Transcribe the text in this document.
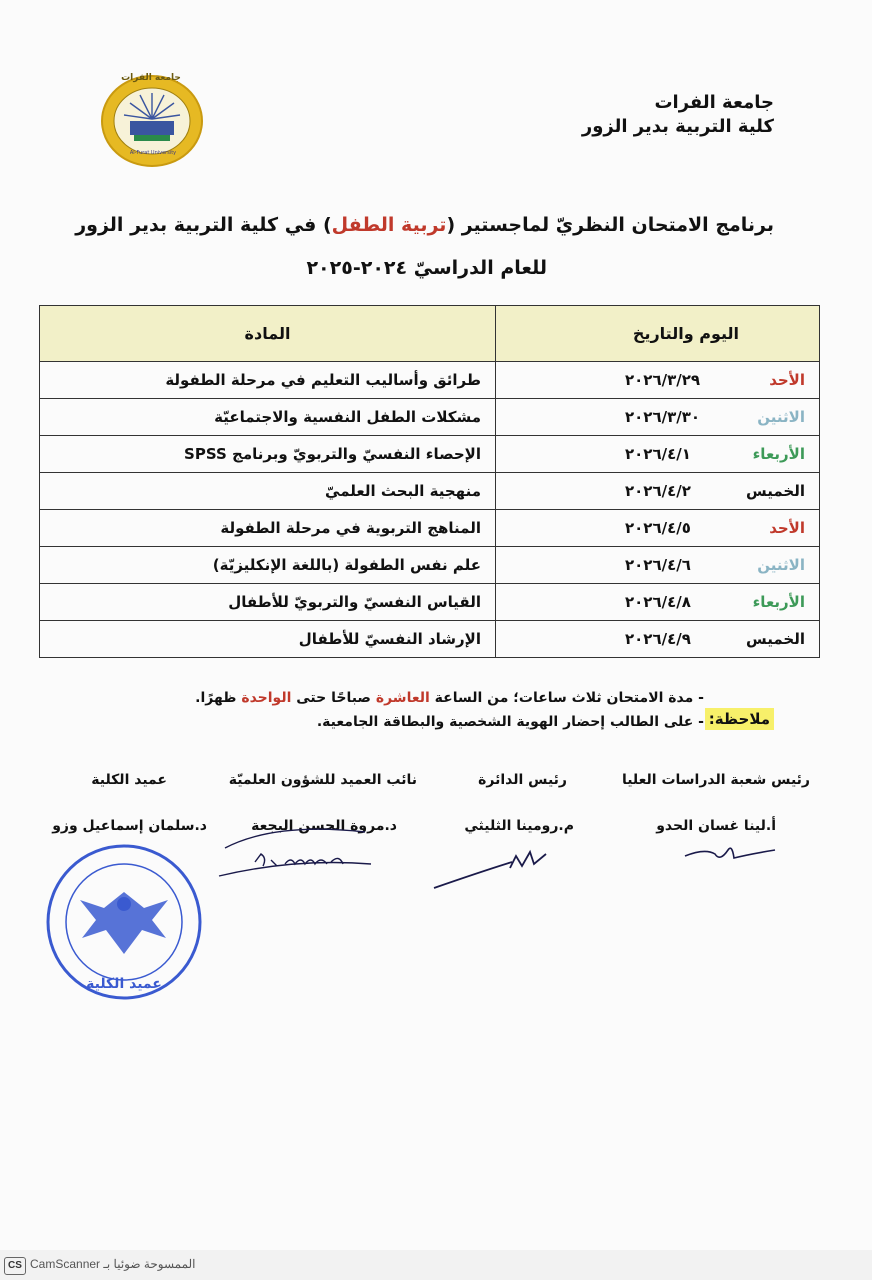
جامعة الفرات
Al-Furat University
جامعة الفرات
كلية التربية بدير الزور
برنامج الامتحان النظريّ لماجستير (تربية الطفل) في كلية التربية بدير الزور
للعام الدراسيّ ٢٠٢٤-٢٠٢٥
اليوم والتاريخ	المادة
الأحد٢٠٢٦/٣/٢٩	طرائق وأساليب التعليم في مرحلة الطفولة
الاثنين٢٠٢٦/٣/٣٠	مشكلات الطفل النفسية والاجتماعيّة
الأربعاء٢٠٢٦/٤/١	الإحصاء النفسيّ والتربويّ وبرنامج SPSS
الخميس٢٠٢٦/٤/٢	منهجية البحث العلميّ
الأحد٢٠٢٦/٤/٥	المناهج التربوية في مرحلة الطفولة
الاثنين٢٠٢٦/٤/٦	علم نفس الطفولة (باللغة الإنكليزيّة)
الأربعاء٢٠٢٦/٤/٨	القياس النفسيّ والتربويّ للأطفال
الخميس٢٠٢٦/٤/٩	الإرشاد النفسيّ للأطفال
ملاحظة:
- مدة الامتحان ثلاث ساعات؛ من الساعة العاشرة صباحًا حتى الواحدة ظهرًا.
- على الطالب إحضار الهوية الشخصية والبطاقة الجامعية.
رئيس شعبة الدراسات العليا
أ.لينا غسان الحدو
رئيس الدائرة
م.رومينا الثليثي
نائب العميد للشؤون العلميّة
د.مروة الحسن البجعة
عميد الكلية
د.سلمان إسماعيل وزو
عميد الكلية
CS الممسوحة ضوئيا بـ CamScanner
